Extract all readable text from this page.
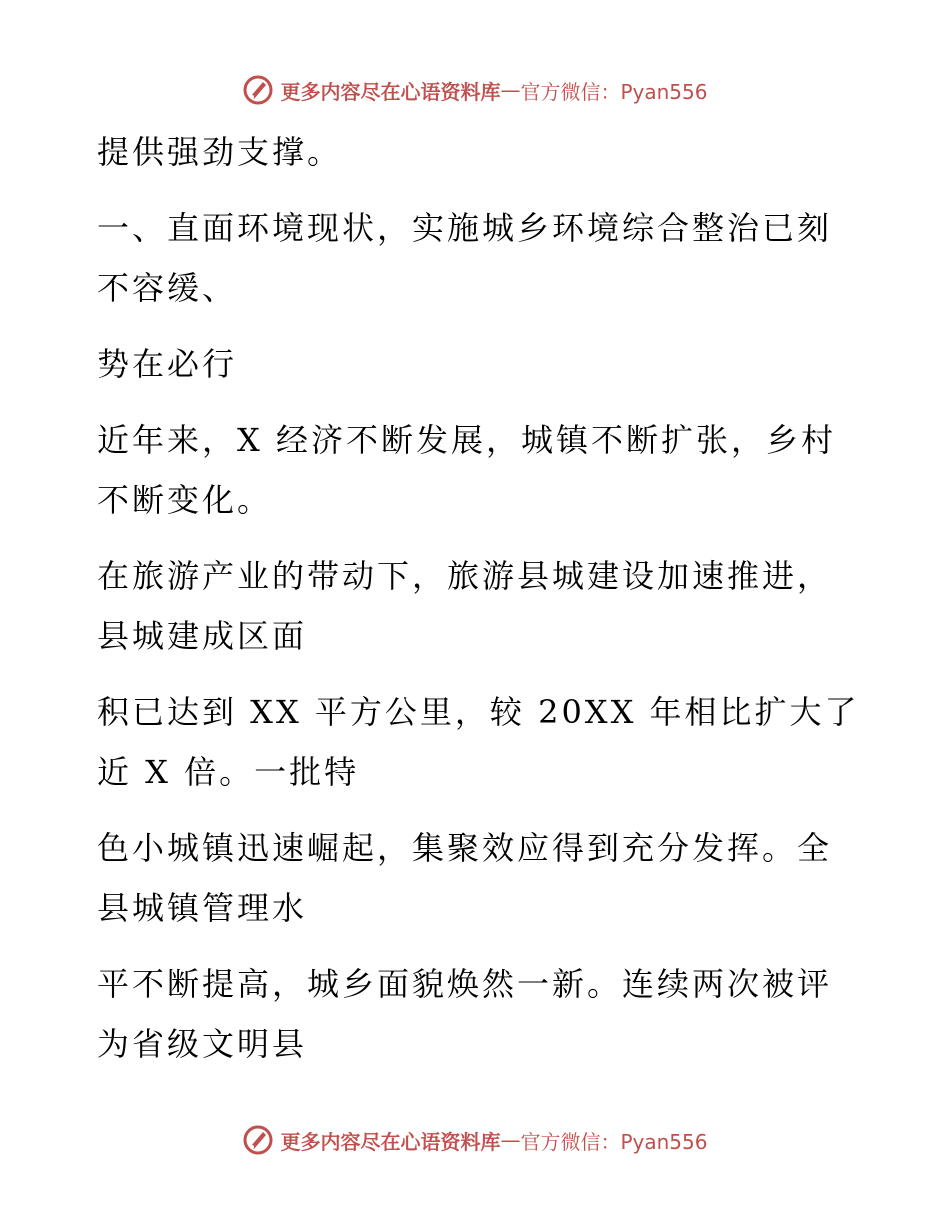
更多内容尽在心语资料库 — 官方微信：Pyan556
提供强劲支撑。
一、直面环境现状，实施城乡环境综合整治已刻
不容缓、
势在必行
近年来，X 经济不断发展，城镇不断扩张，乡村
不断变化。
在旅游产业的带动下，旅游县城建设加速推进，
县城建成区面
积已达到 XX 平方公里，较 20XX 年相比扩大了
近 X 倍。一批特
色小城镇迅速崛起，集聚效应得到充分发挥。全
县城镇管理水
平不断提高，城乡面貌焕然一新。连续两次被评
为省级文明县
更多内容尽在心语资料库 — 官方微信：Pyan556
